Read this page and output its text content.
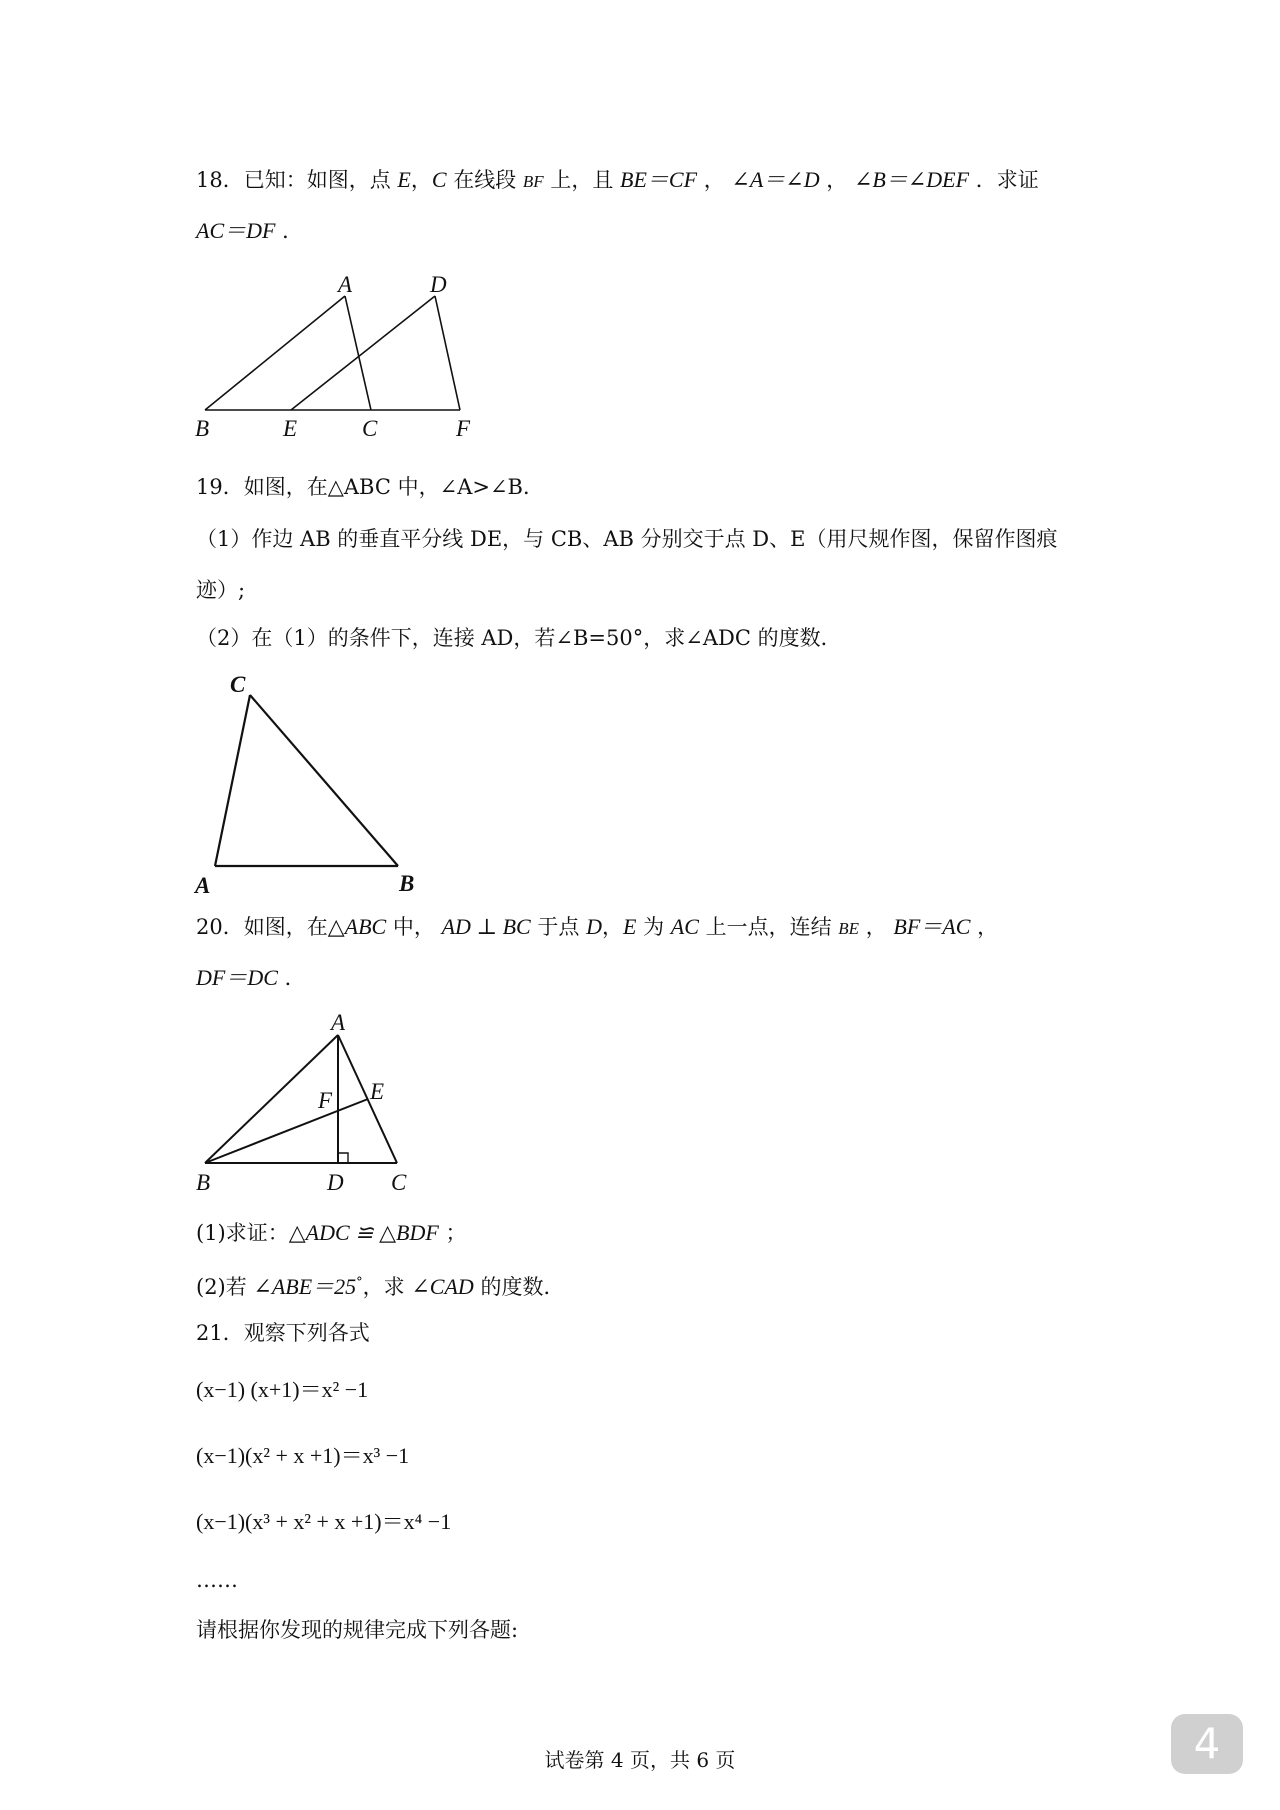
18．已知：如图，点 E，C 在线段 BF 上，且 BE＝CF ， ∠A＝∠D ， ∠B＝∠DEF ．求证
AC＝DF ．
A	D
B	E	C	F
19．如图，在△ABC 中，∠A>∠B．
（1）作边 AB 的垂直平分线 DE，与 CB、AB 分别交于点 D、E（用尺规作图，保留作图痕
迹）;
（2）在（1）的条件下，连接 AD，若∠B=50°，求∠ADC 的度数．
C
A	B
20．如图，在△ABC 中， AD ⊥ BC 于点 D，E 为 AC 上一点，连结 BE ， BF＝AC ，
DF＝DC ．
A
F E
B	D C
(1)求证：△ADC ≌ △BDF ；
(2)若 ∠ABE＝25°，求 ∠CAD 的度数．
21．观察下列各式
(x−1) (x+1)＝x² −1
(x−1)(x² + x +1)＝x³ −1
(x−1)(x³ + x² + x +1)＝x⁴ −1
……
请根据你发现的规律完成下列各题:
试卷第 4 页，共 6 页	4
